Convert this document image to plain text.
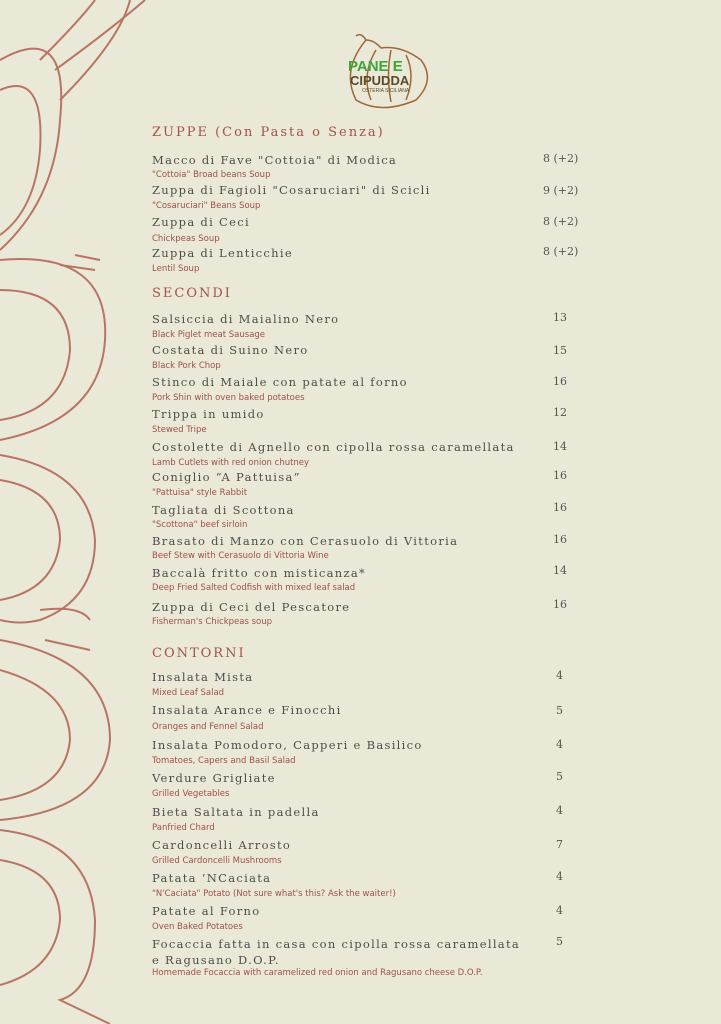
PANE E
CIPUDDA
OSTERIA SICILIANA
ZUPPE (Con Pasta o Senza)
Macco di Fave "Cottoia" di Modica
"Cottoia" Broad beans Soup
8 (+2)
Zuppa di Fagioli "Cosaruciari" di Scicli
"Cosaruciari" Beans Soup
9 (+2)
Zuppa di Ceci
Chickpeas Soup
8 (+2)
Zuppa di Lenticchie
Lentil Soup
8 (+2)
SECONDI
Salsiccia di Maialino Nero
Black Piglet meat Sausage
13
Costata di Suino Nero
Black Pork Chop
15
Stinco di Maiale con patate al forno
Pork Shin with oven baked potatoes
16
Trippa in umido
Stewed Tripe
12
Costolette di Agnello con cipolla rossa caramellata
Lamb Cutlets with red onion chutney
14
Coniglio “A Pattuisa”
"Pattuisa" style Rabbit
16
Tagliata di Scottona
"Scottona" beef sirloin
16
Brasato di Manzo con Cerasuolo di Vittoria
Beef Stew with Cerasuolo di Vittoria Wine
16
Baccalà fritto con misticanza*
Deep Fried Salted Codfish with mixed leaf salad
14
Zuppa di Ceci del Pescatore
Fisherman's Chickpeas soup
16
CONTORNI
Insalata Mista
Mixed Leaf Salad
4
Insalata Arance e Finocchi
Oranges and Fennel Salad
5
Insalata Pomodoro, Capperi e Basilico
Tomatoes, Capers and Basil Salad
4
Verdure Grigliate
Grilled Vegetables
5
Bieta Saltata in padella
Panfried Chard
4
Cardoncelli Arrosto
Grilled Cardoncelli Mushrooms
7
Patata ‘NCaciata
"N'Caciata" Potato (Not sure what's this? Ask the waiter!)
4
Patate al Forno
Oven Baked Potatoes
4
Focaccia fatta in casa con cipolla rossa caramellata
e Ragusano D.O.P.
Homemade Focaccia with caramelized red onion and Ragusano cheese D.O.P.
5
